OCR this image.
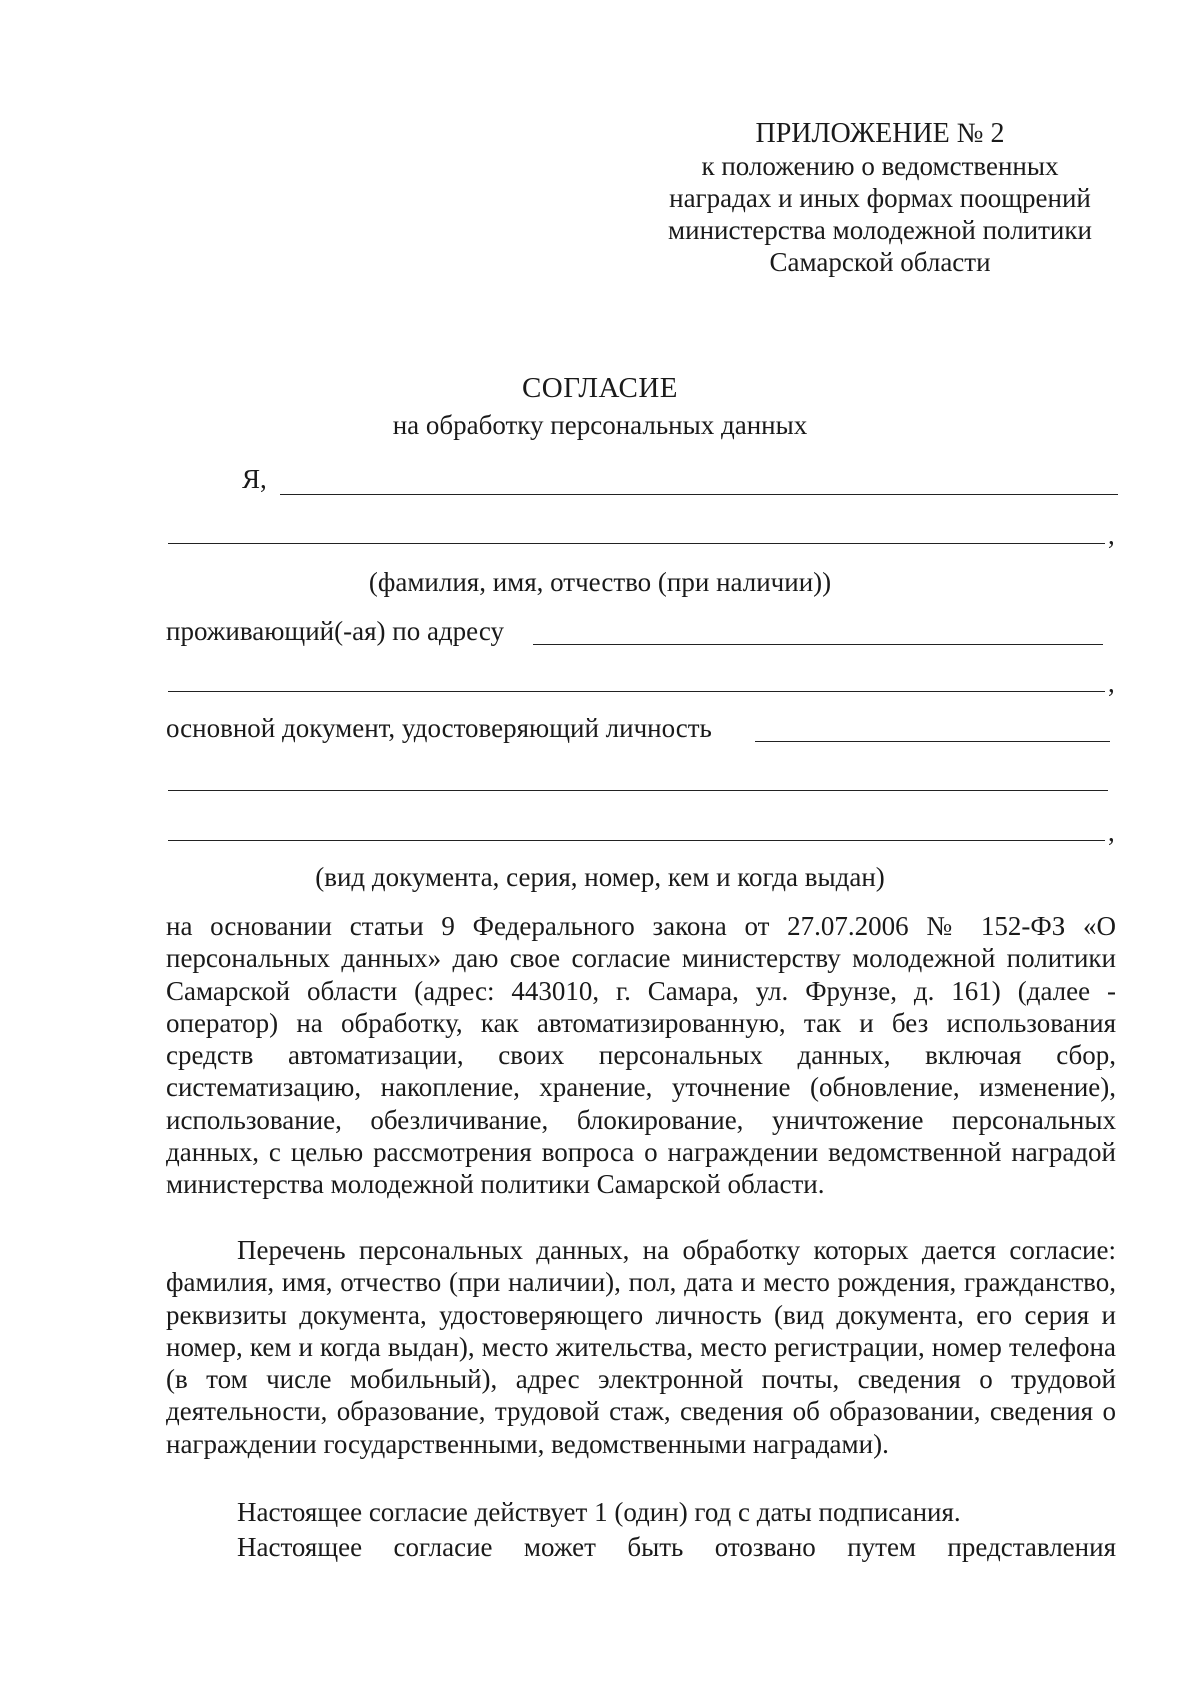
ПРИЛОЖЕНИЕ № 2
к положению о ведомственных
наградах и иных формах поощрений
министерства молодежной политики
Самарской области
СОГЛАСИЕ
на обработку персональных данных
Я,
,
(фамилия, имя, отчество (при наличии))
проживающий(-ая) по адресу
,
основной документ, удостоверяющий личность
,
(вид документа, серия, номер, кем и когда выдан)

на основании статьи 9 Федерального закона от 27.07.2006 № 152-ФЗ «О персональных данных» даю свое согласие министерству молодежной политики Самарской области (адрес: 443010, г. Самара, ул. Фрунзе, д. 161) (далее - оператор) на обработку, как автоматизированную, так и без использования средств автоматизации, своих персональных данных, включая сбор, систематизацию, накопление, хранение, уточнение (обновление, изменение), использование, обезличивание, блокирование, уничтожение персональных данных, с целью рассмотрения вопроса о награждении ведомственной наградой министерства молодежной политики Самарской области.

Перечень персональных данных, на обработку которых дается согласие: фамилия, имя, отчество (при наличии), пол, дата и место рождения, гражданство, реквизиты документа, удостоверяющего личность (вид документа, его серия и номер, кем и когда выдан), место жительства, место регистрации, номер телефона (в том числе мобильный), адрес электронной почты, сведения о трудовой деятельности, образование, трудовой стаж, сведения об образовании, сведения о награждении государственными, ведомственными наградами).

Настоящее согласие действует 1 (один) год с даты подписания.

Настоящее согласие может быть отозвано путем представления
